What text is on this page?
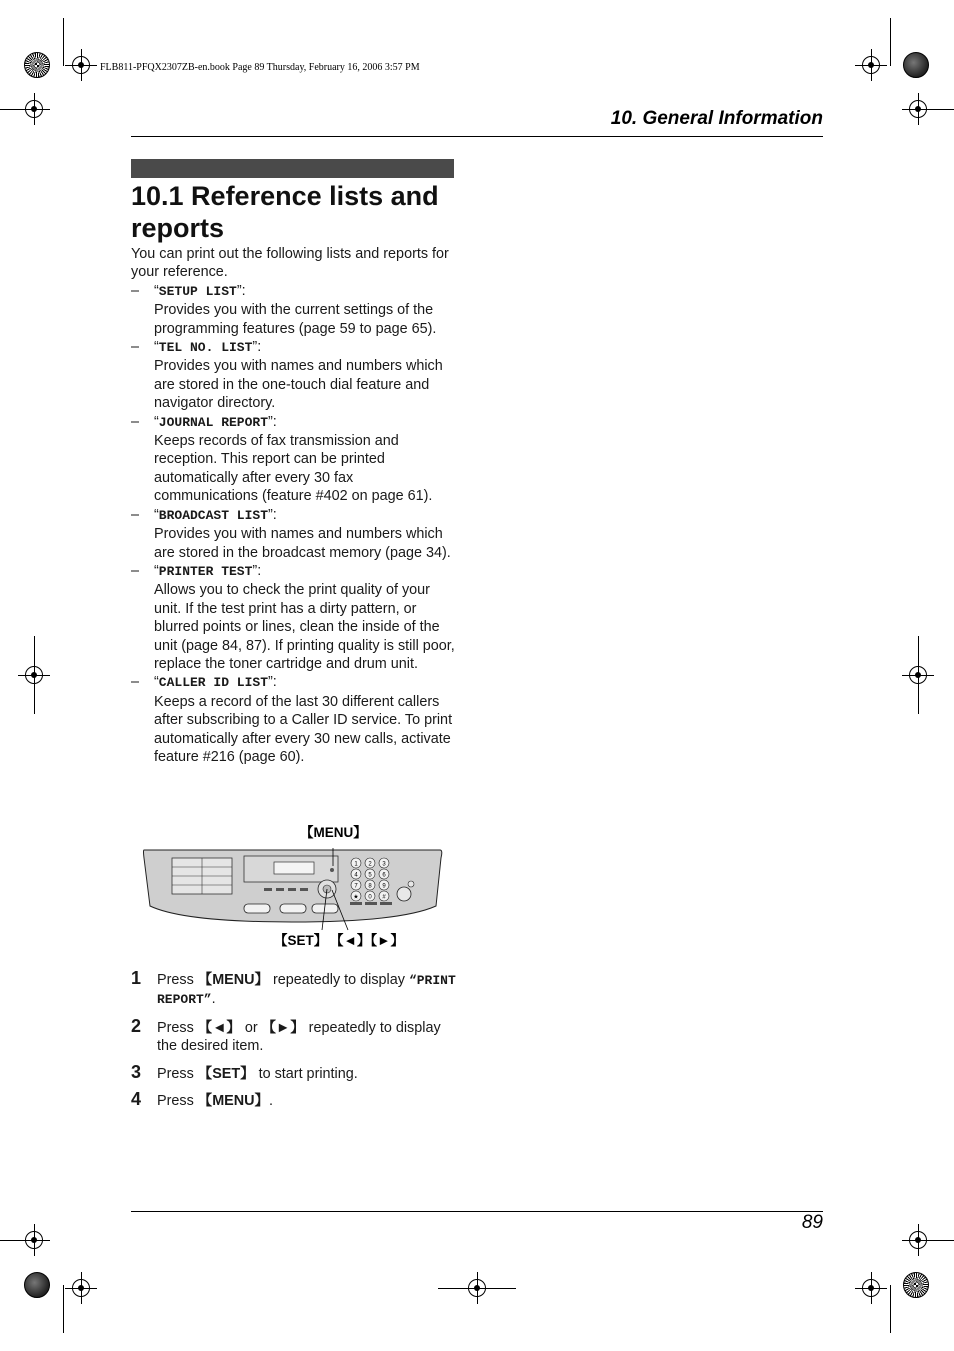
FLB811-PFQX2307ZB-en.book Page 89 Thursday, February 16, 2006 3:57 PM
10. General Information
10.1 Reference lists and reports

You can print out the following lists and reports for your reference.

– “SETUP LIST”:
Provides you with the current settings of the programming features (page 59 to page 65).
– “TEL NO. LIST”:
Provides you with names and numbers which are stored in the one-touch dial feature and navigator directory.
– “JOURNAL REPORT”:
Keeps records of fax transmission and reception. This report can be printed automatically after every 30 fax communications (feature #402 on page 61).
– “BROADCAST LIST”:
Provides you with names and numbers which are stored in the broadcast memory (page 34).
– “PRINTER TEST”:
Allows you to check the print quality of your unit. If the test print has a dirty pattern, or blurred points or lines, clean the inside of the unit (page 84, 87). If printing quality is still poor, replace the toner cartridge and drum unit.
– “CALLER ID LIST”:
Keeps a record of the last 30 different callers after subscribing to a Caller ID service. To print automatically after every 30 new calls, activate feature #216 (page 60).
【MENU】
【SET】 【◄】【►】
1 2 3
4 5 6
7 8 9
★ 0 #
1 Press 【MENU】 repeatedly to display “PRINT REPORT”.
2 Press 【◄】 or 【►】 repeatedly to display the desired item.
3 Press 【SET】 to start printing.
4 Press 【MENU】.
89
